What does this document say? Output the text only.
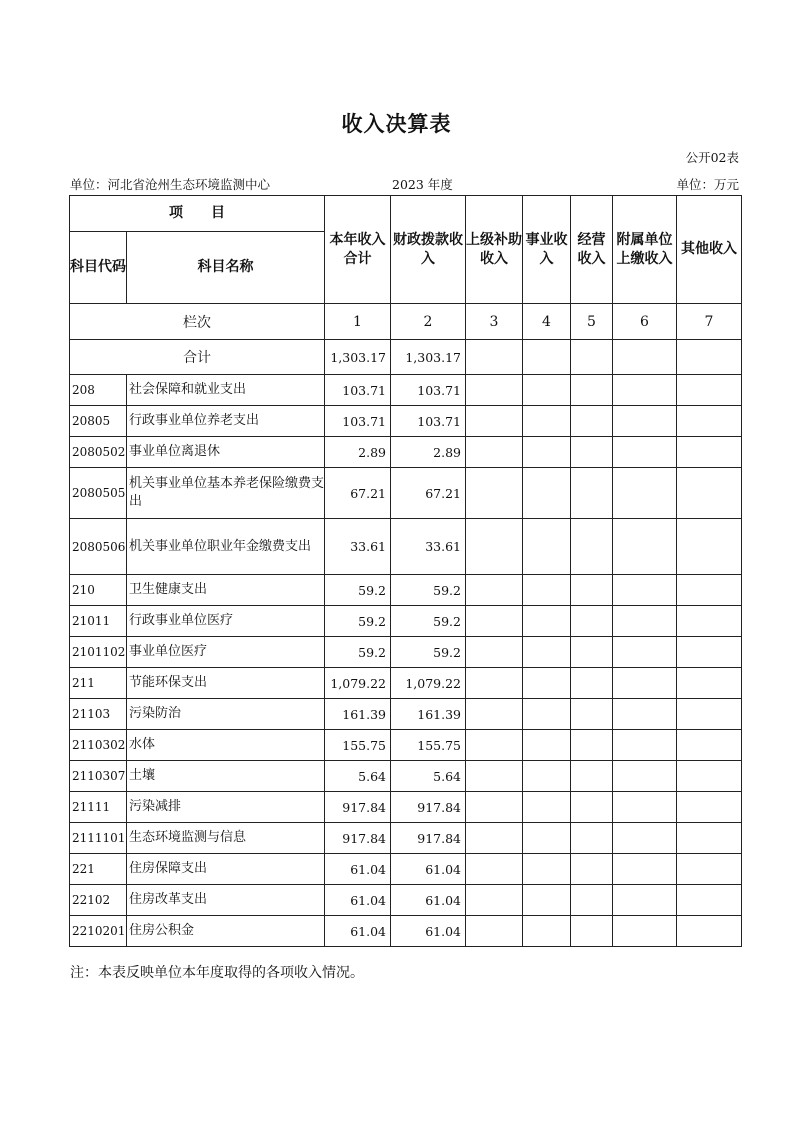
收入决算表
公开02表
单位：河北省沧州生态环境监测中心	2023 年度	单位：万元
项　　目		本年收入合计	财政拨款收入	上级补助收入	事业收入	经营收入	附属单位上缴收入	其他收入
科目代码	科目名称							
栏次		1	2	3	4	5	6	7
合计		1,303.17	1,303.17					
208	社会保障和就业支出	103.71	103.71					
20805	行政事业单位养老支出	103.71	103.71					
2080502	事业单位离退休	2.89	2.89					
2080505	机关事业单位基本养老保险缴费支出	67.21	67.21					
2080506	机关事业单位职业年金缴费支出	33.61	33.61					
210	卫生健康支出	59.2	59.2					
21011	行政事业单位医疗	59.2	59.2					
2101102	事业单位医疗	59.2	59.2					
211	节能环保支出	1,079.22	1,079.22					
21103	污染防治	161.39	161.39					
2110302	水体	155.75	155.75					
2110307	土壤	5.64	5.64					
21111	污染减排	917.84	917.84					
2111101	生态环境监测与信息	917.84	917.84					
221	住房保障支出	61.04	61.04					
22102	住房改革支出	61.04	61.04					
2210201	住房公积金	61.04	61.04					
注：本表反映单位本年度取得的各项收入情况。
